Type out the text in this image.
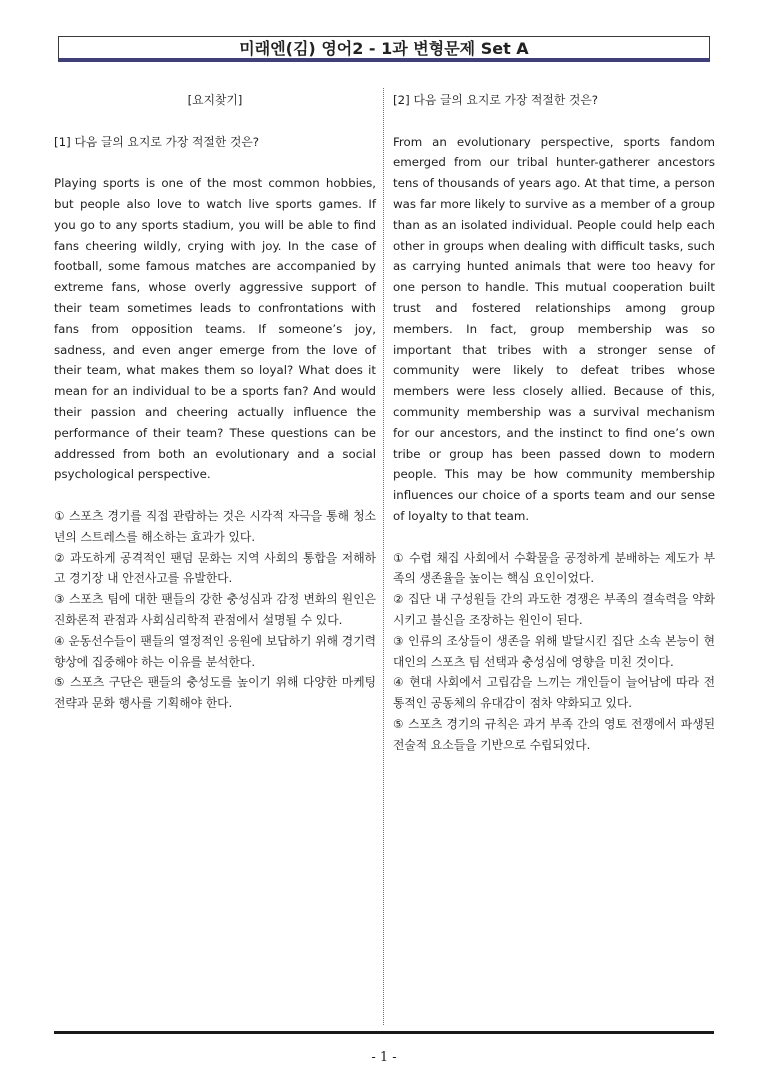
미래엔(김) 영어2 - 1과 변형문제 Set A

[요지찾기]

[1] 다음 글의 요지로 가장 적절한 것은?

Playing sports is one of the most common hobbies, but people also love to watch live sports games. If you go to any sports stadium, you will be able to find fans cheering wildly, crying with joy. In the case of football, some famous matches are accompanied by extreme fans, whose overly aggressive support of their team sometimes leads to confrontations with fans from opposition teams. If someone’s joy, sadness, and even anger emerge from the love of their team, what makes them so loyal? What does it mean for an individual to be a sports fan? And would their passion and cheering actually influence the performance of their team? These questions can be addressed from both an evolutionary and a social psychological perspective.

① 스포츠 경기를 직접 관람하는 것은 시각적 자극을 통해 청소년의 스트레스를 해소하는 효과가 있다.

② 과도하게 공격적인 팬덤 문화는 지역 사회의 통합을 저해하고 경기장 내 안전사고를 유발한다.

③ 스포츠 팀에 대한 팬들의 강한 충성심과 감정 변화의 원인은 진화론적 관점과 사회심리학적 관점에서 설명될 수 있다.

④ 운동선수들이 팬들의 열정적인 응원에 보답하기 위해 경기력 향상에 집중해야 하는 이유를 분석한다.

⑤ 스포츠 구단은 팬들의 충성도를 높이기 위해 다양한 마케팅 전략과 문화 행사를 기획해야 한다.

[2] 다음 글의 요지로 가장 적절한 것은?

From an evolutionary perspective, sports fandom emerged from our tribal hunter-gatherer ancestors tens of thousands of years ago. At that time, a person was far more likely to survive as a member of a group than as an isolated individual. People could help each other in groups when dealing with difficult tasks, such as carrying hunted animals that were too heavy for one person to handle. This mutual cooperation built trust and fostered relationships among group members. In fact, group membership was so important that tribes with a stronger sense of community were likely to defeat tribes whose members were less closely allied. Because of this, community membership was a survival mechanism for our ancestors, and the instinct to find one’s own tribe or group has been passed down to modern people. This may be how community membership influences our choice of a sports team and our sense of loyalty to that team.

① 수렵 채집 사회에서 수확물을 공정하게 분배하는 제도가 부족의 생존율을 높이는 핵심 요인이었다.

② 집단 내 구성원들 간의 과도한 경쟁은 부족의 결속력을 약화시키고 불신을 조장하는 원인이 된다.

③ 인류의 조상들이 생존을 위해 발달시킨 집단 소속 본능이 현대인의 스포츠 팀 선택과 충성심에 영향을 미친 것이다.

④ 현대 사회에서 고립감을 느끼는 개인들이 늘어남에 따라 전통적인 공동체의 유대감이 점차 약화되고 있다.

⑤ 스포츠 경기의 규칙은 과거 부족 간의 영토 전쟁에서 파생된 전술적 요소들을 기반으로 수립되었다.

- 1 -
